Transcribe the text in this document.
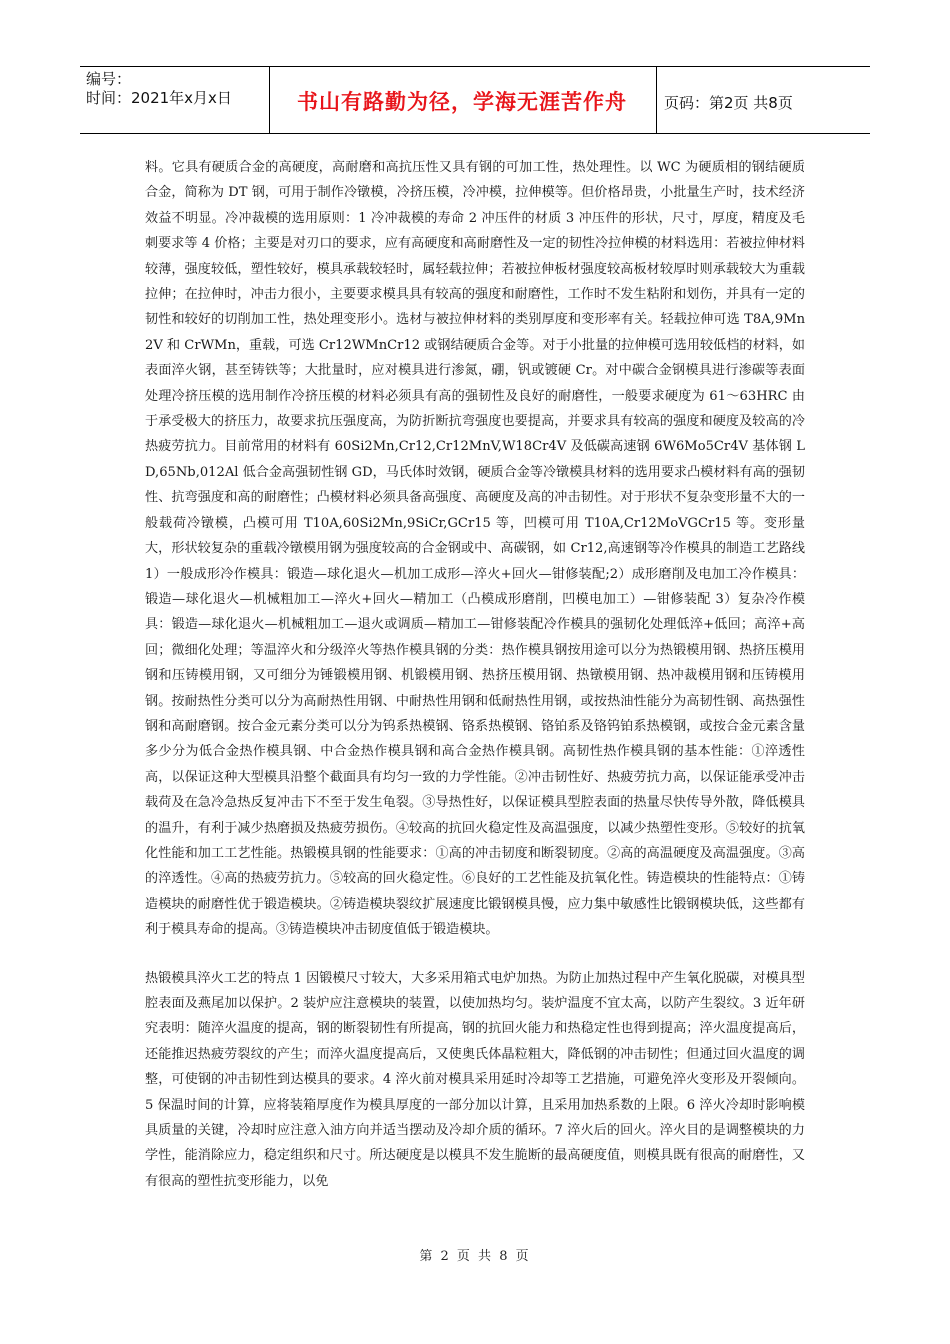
编号：
时间：2021年x月x日	书山有路勤为径，学海无涯苦作舟	页码：第2页 共8页

料。它具有硬质合金的高硬度，高耐磨和高抗压性又具有钢的可加工性，热处理性。以 WC 为硬质相的钢结硬质合金，简称为 DT 钢，可用于制作冷镦模，冷挤压模，冷冲模，拉伸模等。但价格昂贵，小批量生产时，技术经济效益不明显。冷冲裁模的选用原则：1 冷冲裁模的寿命 2 冲压件的材质 3 冲压件的形状，尺寸，厚度，精度及毛刺要求等 4 价格；主要是对刃口的要求，应有高硬度和高耐磨性及一定的韧性冷拉伸模的材料选用：若被拉伸材料较薄，强度较低，塑性较好，模具承载较轻时，属轻载拉伸；若被拉伸板材强度较高板材较厚时则承载较大为重载拉伸；在拉伸时，冲击力很小，主要要求模具具有较高的强度和耐磨性，工作时不发生粘附和划伤，并具有一定的韧性和较好的切削加工性，热处理变形小。选材与被拉伸材料的类别厚度和变形率有关。轻载拉伸可选 T8A,9Mn2V 和 CrWMn，重载，可选 Cr12WMnCr12 或钢结硬质合金等。对于小批量的拉伸模可选用较低档的材料，如表面淬火钢，甚至铸铁等；大批量时，应对模具进行渗氮，硼，钒或镀硬 Cr。对中碳合金钢模具进行渗碳等表面处理冷挤压模的选用制作冷挤压模的材料必须具有高的强韧性及良好的耐磨性，一般要求硬度为 61～63HRC 由于承受极大的挤压力，故要求抗压强度高，为防折断抗弯强度也要提高，并要求具有较高的强度和硬度及较高的冷热疲劳抗力。目前常用的材料有 60Si2Mn,Cr12,Cr12MnV,W18Cr4V 及低碳高速钢 6W6Mo5Cr4V 基体钢 LD,65Nb,012Al 低合金高强韧性钢 GD，马氏体时效钢，硬质合金等冷镦模具材料的选用要求凸模材料有高的强韧性、抗弯强度和高的耐磨性；凸模材料必须具备高强度、高硬度及高的冲击韧性。对于形状不复杂变形量不大的一般载荷冷镦模，凸模可用 T10A,60Si2Mn,9SiCr,GCr15 等，凹模可用 T10A,Cr12MoVGCr15 等。变形量大，形状较复杂的重载冷镦模用钢为强度较高的合金钢或中、高碳钢，如 Cr12,高速钢等冷作模具的制造工艺路线 1）一般成形冷作模具：锻造—球化退火—机加工成形—淬火+回火—钳修装配;2）成形磨削及电加工冷作模具：锻造—球化退火—机械粗加工—淬火+回火—精加工（凸模成形磨削，凹模电加工）—钳修装配 3）复杂冷作模具：锻造—球化退火—机械粗加工—退火或调质—精加工—钳修装配冷作模具的强韧化处理低淬+低回；高淬+高回；微细化处理；等温淬火和分级淬火等热作模具钢的分类：热作模具钢按用途可以分为热锻模用钢、热挤压模用钢和压铸模用钢，又可细分为锤锻模用钢、机锻模用钢、热挤压模用钢、热镦模用钢、热冲裁模用钢和压铸模用钢。按耐热性分类可以分为高耐热性用钢、中耐热性用钢和低耐热性用钢，或按热油性能分为高韧性钢、高热强性钢和高耐磨钢。按合金元素分类可以分为钨系热模钢、铬系热模钢、铬铂系及铬钨铂系热模钢，或按合金元素含量多少分为低合金热作模具钢、中合金热作模具钢和高合金热作模具钢。高韧性热作模具钢的基本性能：①淬透性高，以保证这种大型模具沿整个截面具有均匀一致的力学性能。②冲击韧性好、热疲劳抗力高，以保证能承受冲击载荷及在急冷急热反复冲击下不至于发生龟裂。③导热性好，以保证模具型腔表面的热量尽快传导外散，降低模具的温升，有利于减少热磨损及热疲劳损伤。④较高的抗回火稳定性及高温强度，以减少热塑性变形。⑤较好的抗氧化性能和加工工艺性能。热锻模具钢的性能要求：①高的冲击韧度和断裂韧度。②高的高温硬度及高温强度。③高的淬透性。④高的热疲劳抗力。⑤较高的回火稳定性。⑥良好的工艺性能及抗氧化性。铸造模块的性能特点：①铸造模块的耐磨性优于锻造模块。②铸造模块裂纹扩展速度比锻钢模具慢，应力集中敏感性比锻钢模块低，这些都有利于模具寿命的提高。③铸造模块冲击韧度值低于锻造模块。

热锻模具淬火工艺的特点 1 因锻模尺寸较大，大多采用箱式电炉加热。为防止加热过程中产生氧化脱碳，对模具型腔表面及燕尾加以保护。2 装炉应注意模块的装置，以使加热均匀。装炉温度不宜太高，以防产生裂纹。3 近年研究表明：随淬火温度的提高，钢的断裂韧性有所提高，钢的抗回火能力和热稳定性也得到提高；淬火温度提高后，还能推迟热疲劳裂纹的产生；而淬火温度提高后，又使奥氏体晶粒粗大，降低钢的冲击韧性；但通过回火温度的调整，可使钢的冲击韧性到达模具的要求。4 淬火前对模具采用延时冷却等工艺措施，可避免淬火变形及开裂倾向。5 保温时间的计算，应将装箱厚度作为模具厚度的一部分加以计算，且采用加热系数的上限。6 淬火冷却时影响模具质量的关键，冷却时应注意入油方向并适当摆动及冷却介质的循环。7 淬火后的回火。淬火目的是调整模块的力学性，能消除应力，稳定组织和尺寸。所达硬度是以模具不发生脆断的最高硬度值，则模具既有很高的耐磨性，又有很高的塑性抗变形能力，以免

第 2 页 共 8 页
